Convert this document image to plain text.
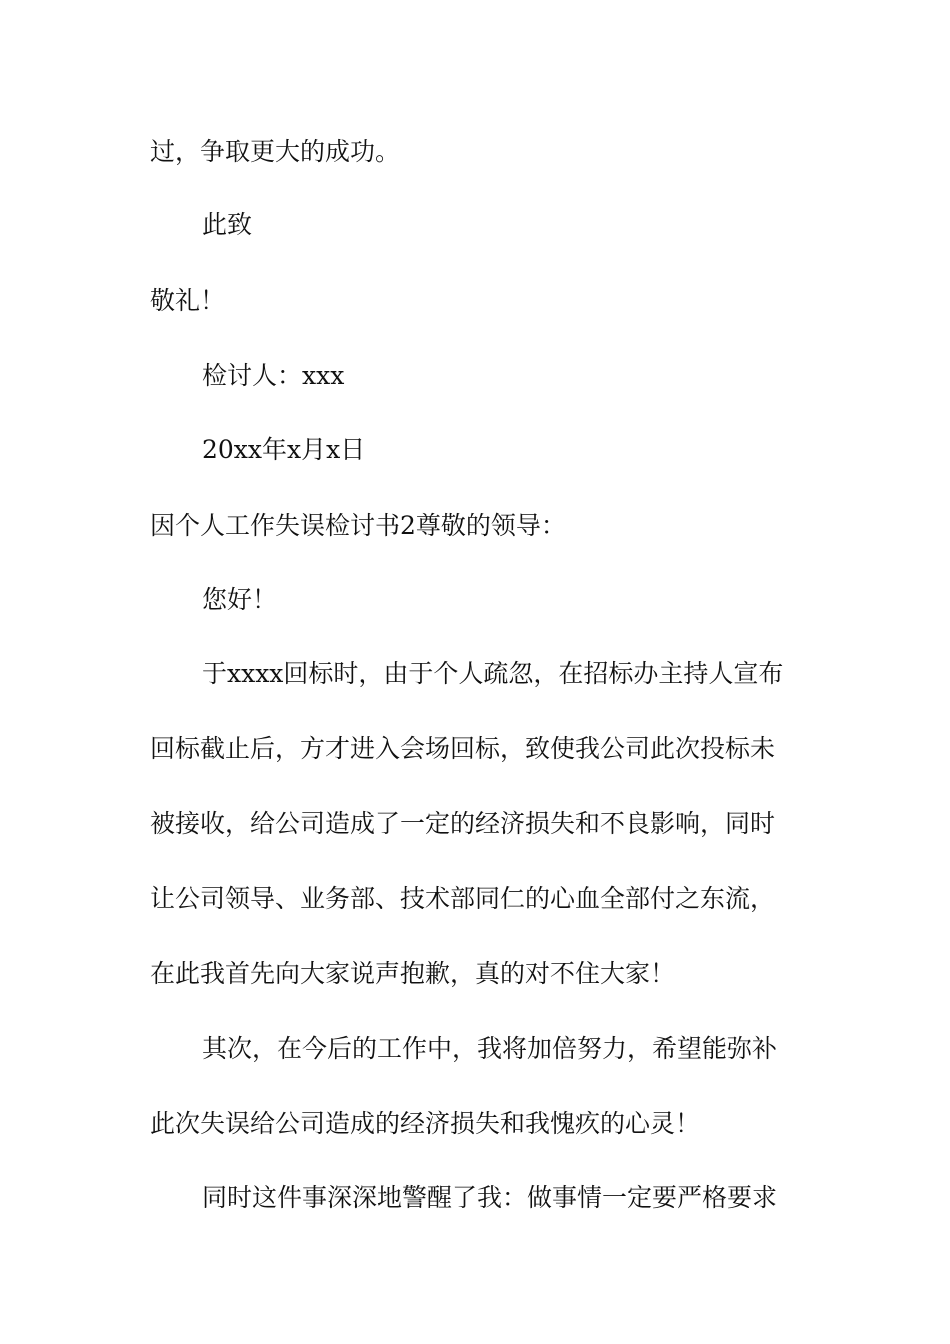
过，争取更大的成功。
此致
敬礼！
检讨人：xxx
20xx年x月x日
因个人工作失误检讨书2尊敬的领导：
您好！
于xxxx回标时，由于个人疏忽，在招标办主持人宣布
回标截止后，方才进入会场回标，致使我公司此次投标未
被接收，给公司造成了一定的经济损失和不良影响，同时
让公司领导、业务部、技术部同仁的心血全部付之东流，
在此我首先向大家说声抱歉，真的对不住大家！
其次，在今后的工作中，我将加倍努力，希望能弥补
此次失误给公司造成的经济损失和我愧疚的心灵！
同时这件事深深地警醒了我：做事情一定要严格要求
